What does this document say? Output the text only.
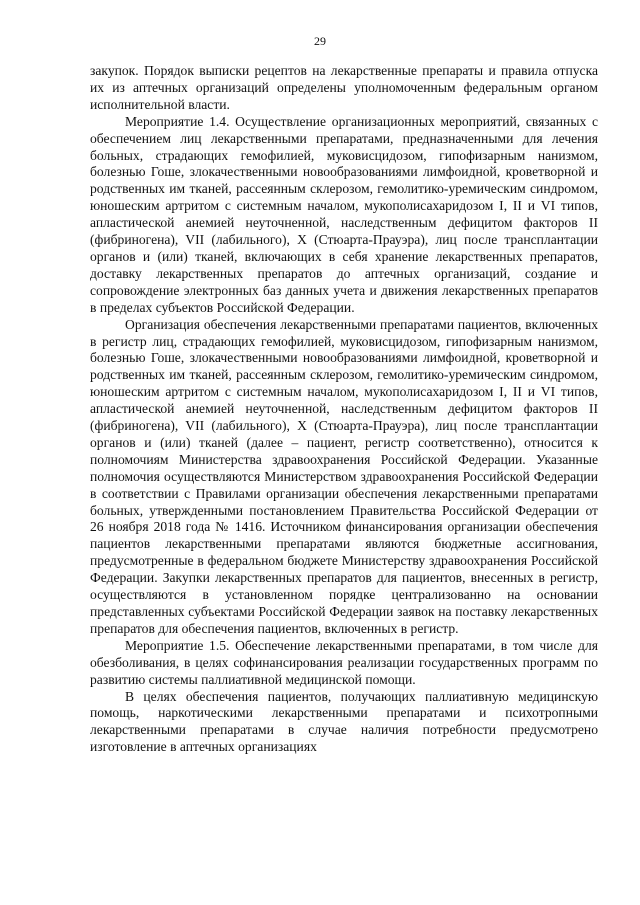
29

закупок. Порядок выписки рецептов на лекарственные препараты и правила отпуска их из аптечных организаций определены уполномоченным федеральным органом исполнительной власти.

Мероприятие 1.4. Осуществление организационных мероприятий, связанных с обеспечением лиц лекарственными препаратами, предназначенными для лечения больных, страдающих гемофилией, муковисцидозом, гипофизарным нанизмом, болезнью Гоше, злокачественными новообразованиями лимфоидной, кроветворной и родственных им тканей, рассеянным склерозом, гемолитико-уремическим синдромом, юношеским артритом с системным началом, мукополисахаридозом I, II и VI типов, апластической анемией неуточненной, наследственным дефицитом факторов II (фибриногена), VII (лабильного), X (Стюарта-Прауэра), лиц после трансплантации органов и (или) тканей, включающих в себя хранение лекарственных препаратов, доставку лекарственных препаратов до аптечных организаций, создание и сопровождение электронных баз данных учета и движения лекарственных препаратов в пределах субъектов Российской Федерации.

Организация обеспечения лекарственными препаратами пациентов, включенных в регистр лиц, страдающих гемофилией, муковисцидозом, гипофизарным нанизмом, болезнью Гоше, злокачественными новообразованиями лимфоидной, кроветворной и родственных им тканей, рассеянным склерозом, гемолитико-уремическим синдромом, юношеским артритом с системным началом, мукополисахаридозом I, II и VI типов, апластической анемией неуточненной, наследственным дефицитом факторов II (фибриногена), VII (лабильного), X (Стюарта-Прауэра), лиц после трансплантации органов и (или) тканей (далее – пациент, регистр соответственно), относится к полномочиям Министерства здравоохранения Российской Федерации. Указанные полномочия осуществляются Министерством здравоохранения Российской Федерации в соответствии с Правилами организации обеспечения лекарственными препаратами больных, утвержденными постановлением Правительства Российской Федерации от 26 ноября 2018 года № 1416. Источником финансирования организации обеспечения пациентов лекарственными препаратами являются бюджетные ассигнования, предусмотренные в федеральном бюджете Министерству здравоохранения Российской Федерации. Закупки лекарственных препаратов для пациентов, внесенных в регистр, осуществляются в установленном порядке централизованно на основании представленных субъектами Российской Федерации заявок на поставку лекарственных препаратов для обеспечения пациентов, включенных в регистр.

Мероприятие 1.5. Обеспечение лекарственными препаратами, в том числе для обезболивания, в целях софинансирования реализации государственных программ по развитию системы паллиативной медицинской помощи.

В целях обеспечения пациентов, получающих паллиативную медицинскую помощь, наркотическими лекарственными препаратами и психотропными лекарственными препаратами в случае наличия потребности предусмотрено изготовление в аптечных организациях
